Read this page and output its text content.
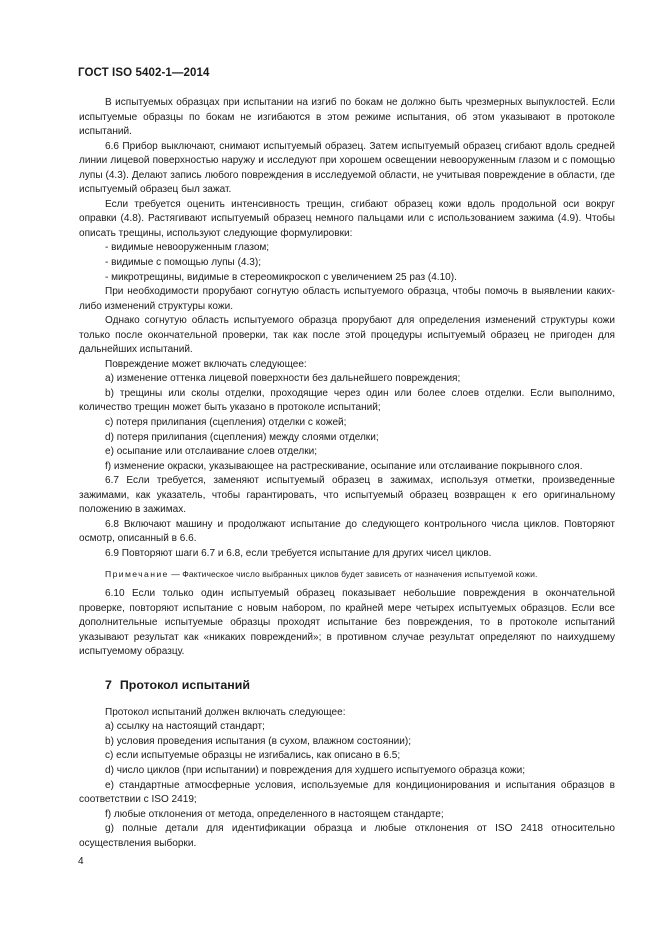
ГОСТ ISO 5402-1—2014

В испытуемых образцах при испытании на изгиб по бокам не должно быть чрезмерных выпуклостей. Если испытуемые образцы по бокам не изгибаются в этом режиме испытания, об этом указывают в протоколе испытаний.

6.6 Прибор выключают, снимают испытуемый образец. Затем испытуемый образец сгибают вдоль средней линии лицевой поверхностью наружу и исследуют при хорошем освещении невооруженным глазом и с помощью лупы (4.3). Делают запись любого повреждения в исследуемой области, не учитывая повреждение в области, где испытуемый образец был зажат.

Если требуется оценить интенсивность трещин, сгибают образец кожи вдоль продольной оси вокруг оправки (4.8). Растягивают испытуемый образец немного пальцами или с использованием зажима (4.9). Чтобы описать трещины, используют следующие формулировки:

- видимые невооруженным глазом;

- видимые с помощью лупы (4.3);

- микротрещины, видимые в стереомикроскоп с увеличением 25 раз (4.10).

При необходимости прорубают согнутую область испытуемого образца, чтобы помочь в выявлении каких-либо изменений структуры кожи.

Однако согнутую область испытуемого образца прорубают для определения изменений структуры кожи только после окончательной проверки, так как после этой процедуры испытуемый образец не пригоден для дальнейших испытаний.

Повреждение может включать следующее:

a) изменение оттенка лицевой поверхности без дальнейшего повреждения;

b) трещины или сколы отделки, проходящие через один или более слоев отделки. Если выполнимо, количество трещин может быть указано в протоколе испытаний;

c) потеря прилипания (сцепления) отделки с кожей;

d) потеря прилипания (сцепления) между слоями отделки;

e) осыпание или отслаивание слоев отделки;

f) изменение окраски, указывающее на растрескивание, осыпание или отслаивание покрывного слоя.

6.7 Если требуется, заменяют испытуемый образец в зажимах, используя отметки, произведенные зажимами, как указатель, чтобы гарантировать, что испытуемый образец возвращен к его оригинальному положению в зажимах.

6.8 Включают машину и продолжают испытание до следующего контрольного числа циклов. Повторяют осмотр, описанный в 6.6.

6.9 Повторяют шаги 6.7 и 6.8, если требуется испытание для других чисел циклов.

Примечание — Фактическое число выбранных циклов будет зависеть от назначения испытуемой кожи.

6.10 Если только один испытуемый образец показывает небольшие повреждения в окончательной проверке, повторяют испытание с новым набором, по крайней мере четырех испытуемых образцов. Если все дополнительные испытуемые образцы проходят испытание без повреждения, то в протоколе испытаний указывают результат как «никаких повреждений»; в противном случае результат определяют по наихудшему испытуемому образцу.

7 Протокол испытаний

Протокол испытаний должен включать следующее:

a) ссылку на настоящий стандарт;

b) условия проведения испытания (в сухом, влажном состоянии);

c) если испытуемые образцы не изгибались, как описано в 6.5;

d) число циклов (при испытании) и повреждения для худшего испытуемого образца кожи;

e) стандартные атмосферные условия, используемые для кондиционирования и испытания образцов в соответствии с ISO 2419;

f) любые отклонения от метода, определенного в настоящем стандарте;

g) полные детали для идентификации образца и любые отклонения от ISO 2418 относительно осуществления выборки.

4
